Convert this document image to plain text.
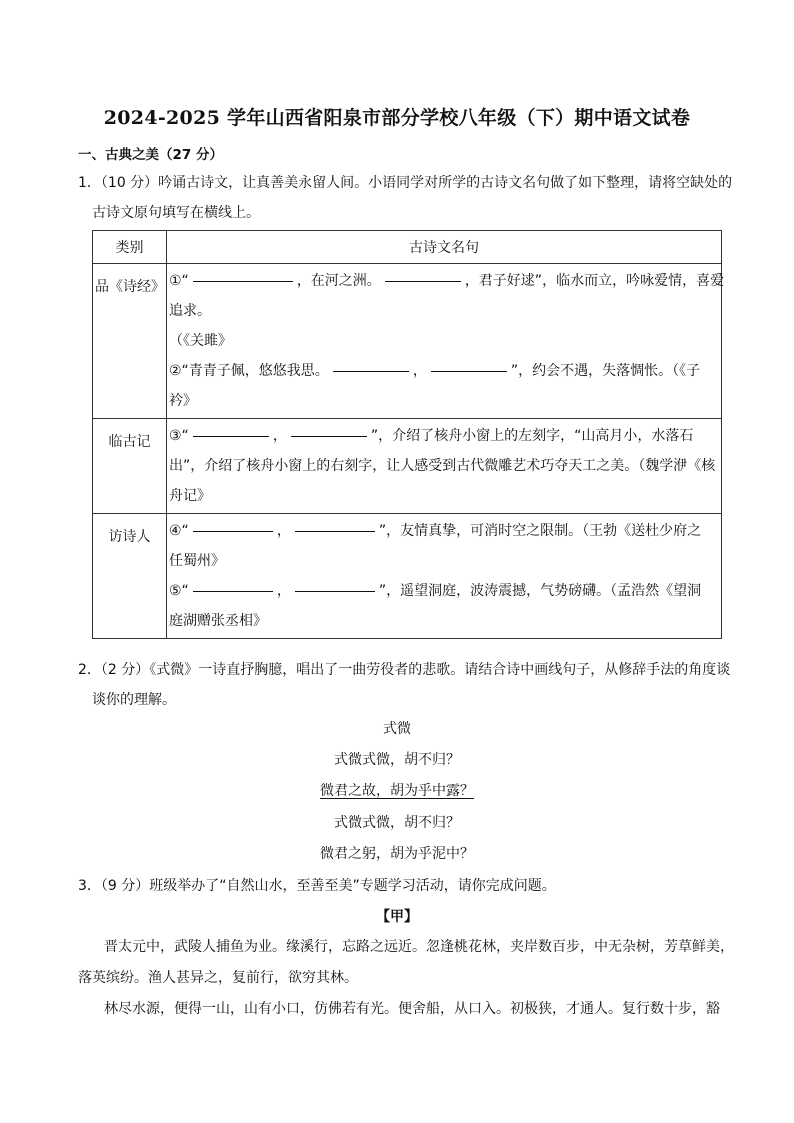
2024-2025 学年山西省阳泉市部分学校八年级（下）期中语文试卷
一、古典之美（27 分）
1．（10 分）吟诵古诗文，让真善美永留人间。小语同学对所学的古诗文名句做了如下整理，请将空缺处的
古诗文原句填写在横线上。
类别	古诗文名句
品《诗经》	①“ ，在河之洲。 ，君子好逑”，临水而立，吟咏爱情，喜爱
追求。
（《关雎》
②“青青子佩，悠悠我思。 ， ”，约会不遇，失落惆怅。（《子
衿》

临古记	③“ ， ”，介绍了核舟小窗上的左刻字，“山高月小，水落石
出”，介绍了核舟小窗上的右刻字，让人感受到古代微雕艺术巧夺天工之美。（魏学洢《核
舟记》

访诗人	④“ ， ”，友情真挚，可消时空之限制。（王勃《送杜少府之
任蜀州》
⑤“ ， ”，遥望洞庭，波涛震撼，气势磅礴。（孟浩然《望洞
庭湖赠张丞相》
2．（2 分）《式微》一诗直抒胸臆，唱出了一曲劳役者的悲歌。请结合诗中画线句子，从修辞手法的角度谈
谈你的理解。
式微
式微式微，胡不归？
微君之故，胡为乎中露？
式微式微，胡不归？
微君之躬，胡为乎泥中？
3．（9 分）班级举办了“自然山水，至善至美”专题学习活动，请你完成问题。
【甲】
晋太元中，武陵人捕鱼为业。缘溪行，忘路之远近。忽逢桃花林，夹岸数百步，中无杂树，芳草鲜美，
落英缤纷。渔人甚异之，复前行，欲穷其林。
林尽水源，便得一山，山有小口，仿佛若有光。便舍船，从口入。初极狭，才通人。复行数十步，豁
